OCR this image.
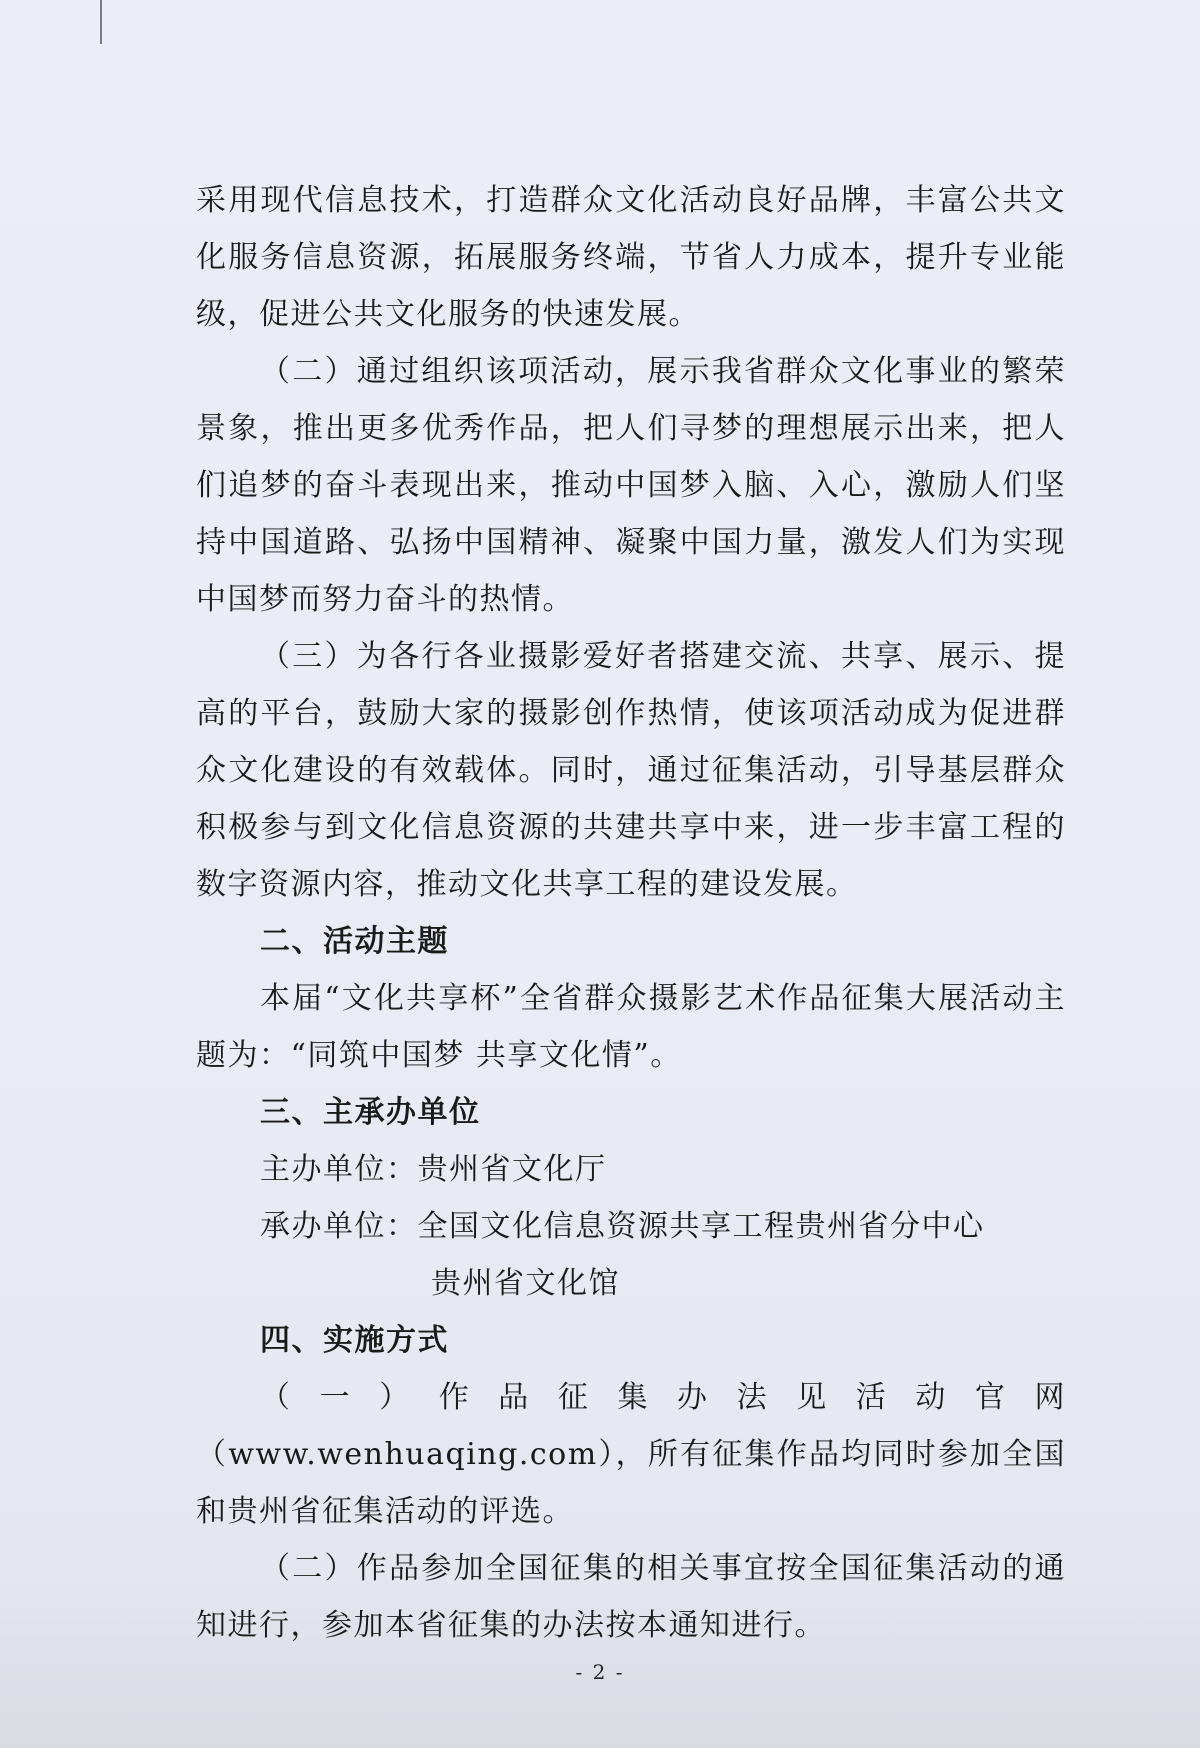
采用现代信息技术，打造群众文化活动良好品牌，丰富公共文化服务信息资源，拓展服务终端，节省人力成本，提升专业能级，促进公共文化服务的快速发展。

（二）通过组织该项活动，展示我省群众文化事业的繁荣景象，推出更多优秀作品，把人们寻梦的理想展示出来，把人们追梦的奋斗表现出来，推动中国梦入脑、入心，激励人们坚持中国道路、弘扬中国精神、凝聚中国力量，激发人们为实现中国梦而努力奋斗的热情。

（三）为各行各业摄影爱好者搭建交流、共享、展示、提高的平台，鼓励大家的摄影创作热情，使该项活动成为促进群众文化建设的有效载体。同时，通过征集活动，引导基层群众积极参与到文化信息资源的共建共享中来，进一步丰富工程的数字资源内容，推动文化共享工程的建设发展。

二、活动主题

本届“文化共享杯”全省群众摄影艺术作品征集大展活动主题为：“同筑中国梦 共享文化情”。

三、主承办单位

主办单位：贵州省文化厅

承办单位：全国文化信息资源共享工程贵州省分中心

贵州省文化馆

四、实施方式

（一）作品征集办法见活动官网（www.wenhuaqing.com），所有征集作品均同时参加全国和贵州省征集活动的评选。

（二）作品参加全国征集的相关事宜按全国征集活动的通知进行，参加本省征集的办法按本通知进行。

- 2 -
